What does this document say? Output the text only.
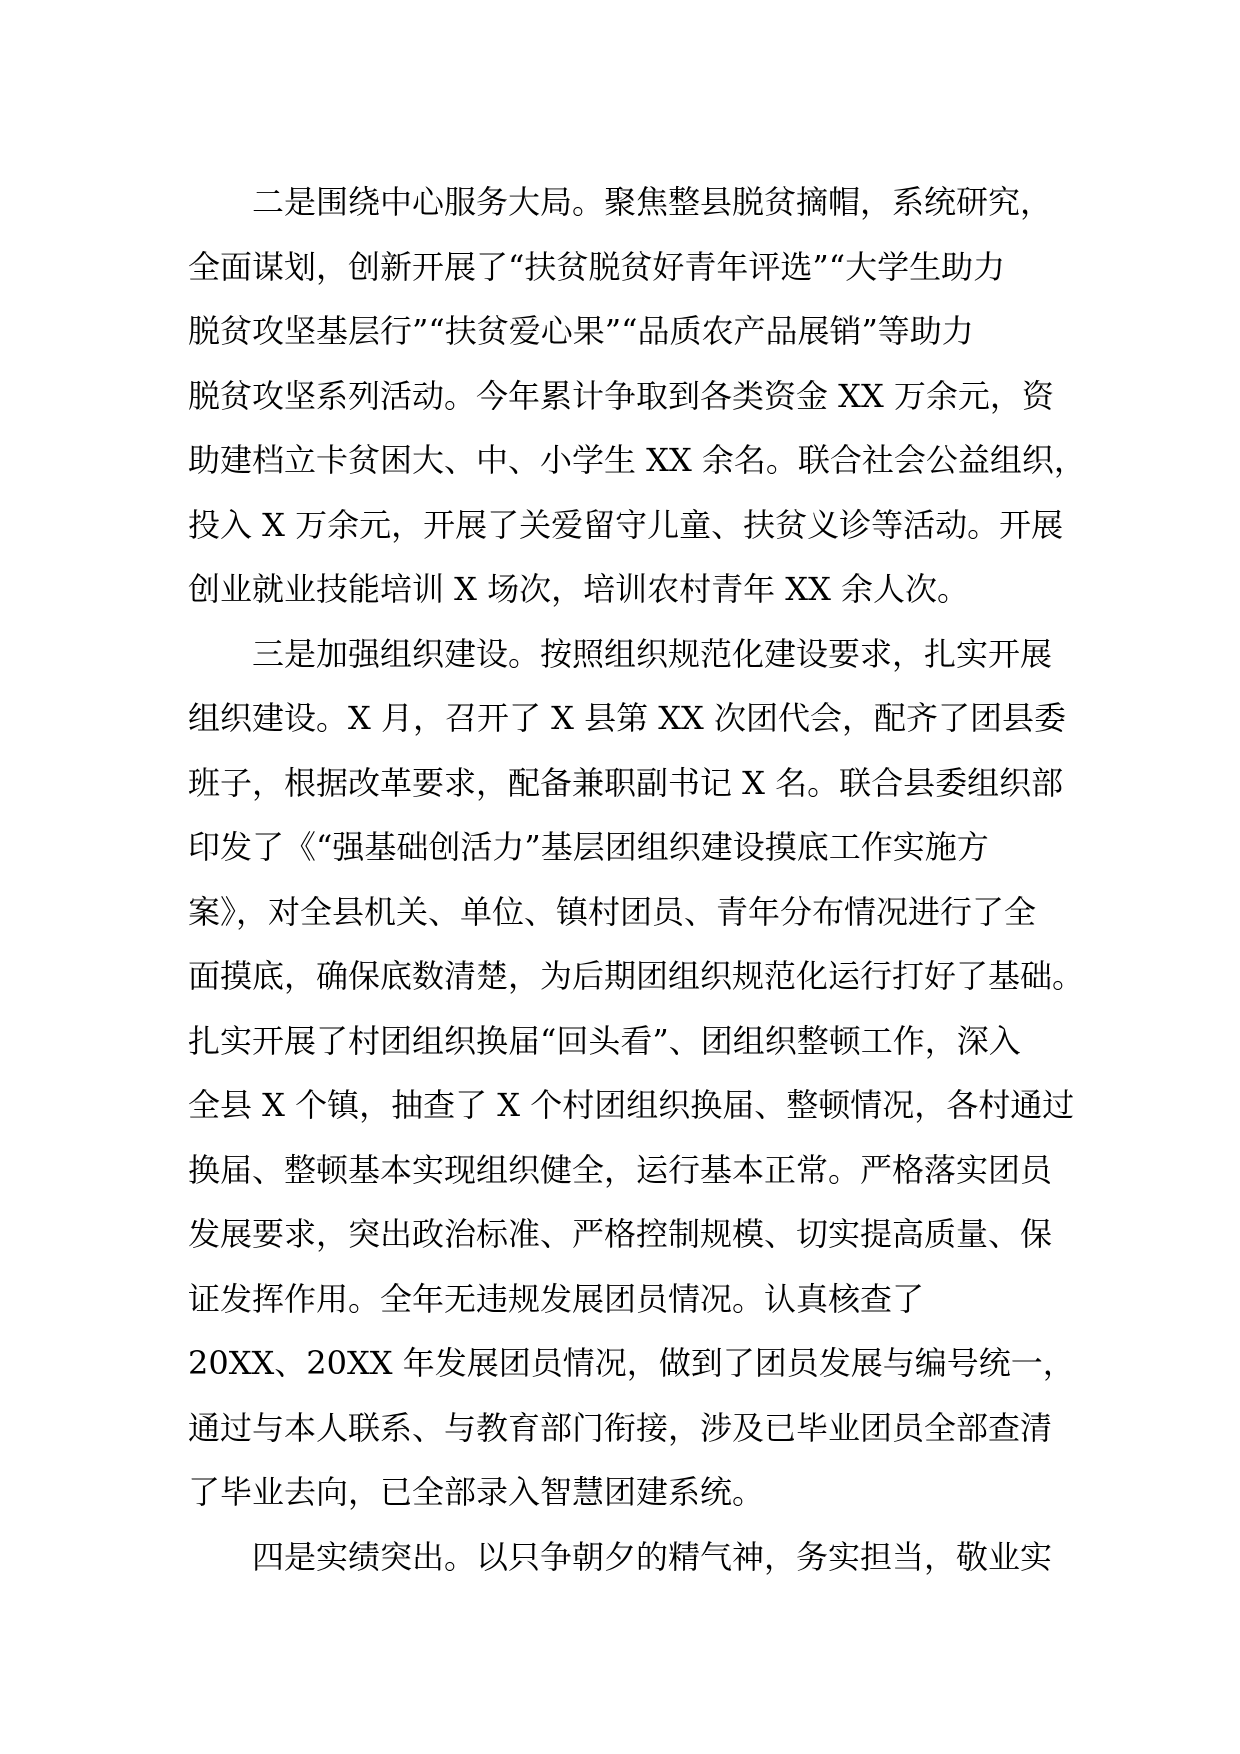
二是围绕中心服务大局。聚焦整县脱贫摘帽，系统研究，
全面谋划，创新开展了“扶贫脱贫好青年评选”“大学生助力
脱贫攻坚基层行”“扶贫爱心果”“品质农产品展销”等助力
脱贫攻坚系列活动。今年累计争取到各类资金 XX 万余元，资
助建档立卡贫困大、中、小学生 XX 余名。联合社会公益组织，
投入 X 万余元，开展了关爱留守儿童、扶贫义诊等活动。开展
创业就业技能培训 X 场次，培训农村青年 XX 余人次。
三是加强组织建设。按照组织规范化建设要求，扎实开展
组织建设。X 月，召开了 X 县第 XX 次团代会，配齐了团县委
班子，根据改革要求，配备兼职副书记 X 名。联合县委组织部
印发了《“强基础创活力”基层团组织建设摸底工作实施方
案》，对全县机关、单位、镇村团员、青年分布情况进行了全
面摸底，确保底数清楚，为后期团组织规范化运行打好了基础。
扎实开展了村团组织换届“回头看”、团组织整顿工作，深入
全县 X 个镇，抽查了 X 个村团组织换届、整顿情况，各村通过
换届、整顿基本实现组织健全，运行基本正常。严格落实团员
发展要求，突出政治标准、严格控制规模、切实提高质量、保
证发挥作用。全年无违规发展团员情况。认真核查了
20XX、20XX 年发展团员情况，做到了团员发展与编号统一，
通过与本人联系、与教育部门衔接，涉及已毕业团员全部查清
了毕业去向，已全部录入智慧团建系统。
四是实绩突出。以只争朝夕的精气神，务实担当，敬业实
